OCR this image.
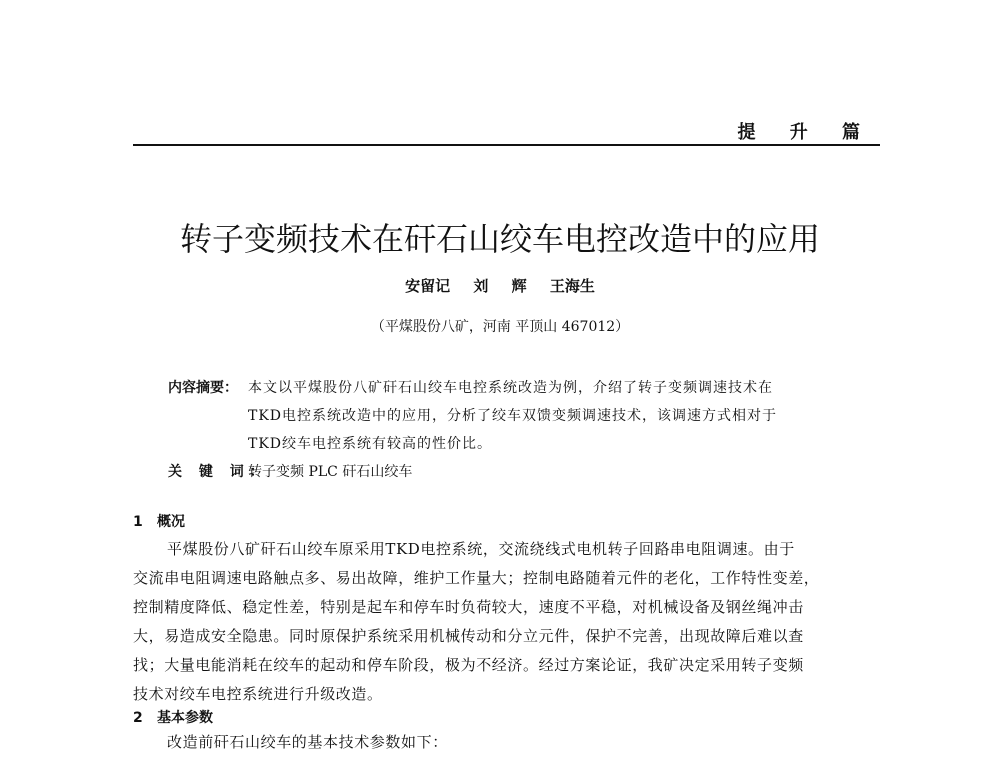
提 升 篇
转子变频技术在矸石山绞车电控改造中的应用
安留记 刘 辉 王海生
（平煤股份八矿，河南 平顶山 467012）
内容摘要： 本文以平煤股份八矿矸石山绞车电控系统改造为例，介绍了转子变频调速技术在
TKD电控系统改造中的应用，分析了绞车双馈变频调速技术，该调速方式相对于
TKD绞车电控系统有较高的性价比。
关 键 词：
转子变频 PLC 矸石山绞车
1 概况
平煤股份八矿矸石山绞车原采用TKD电控系统，交流绕线式电机转子回路串电阻调速。由于
交流串电阻调速电路触点多、易出故障，维护工作量大；控制电路随着元件的老化，工作特性变差，
控制精度降低、稳定性差，特别是起车和停车时负荷较大，速度不平稳，对机械设备及钢丝绳冲击
大，易造成安全隐患。同时原保护系统采用机械传动和分立元件，保护不完善，出现故障后难以查
找；大量电能消耗在绞车的起动和停车阶段，极为不经济。经过方案论证，我矿决定采用转子变频
技术对绞车电控系统进行升级改造。
2 基本参数
改造前矸石山绞车的基本技术参数如下：
